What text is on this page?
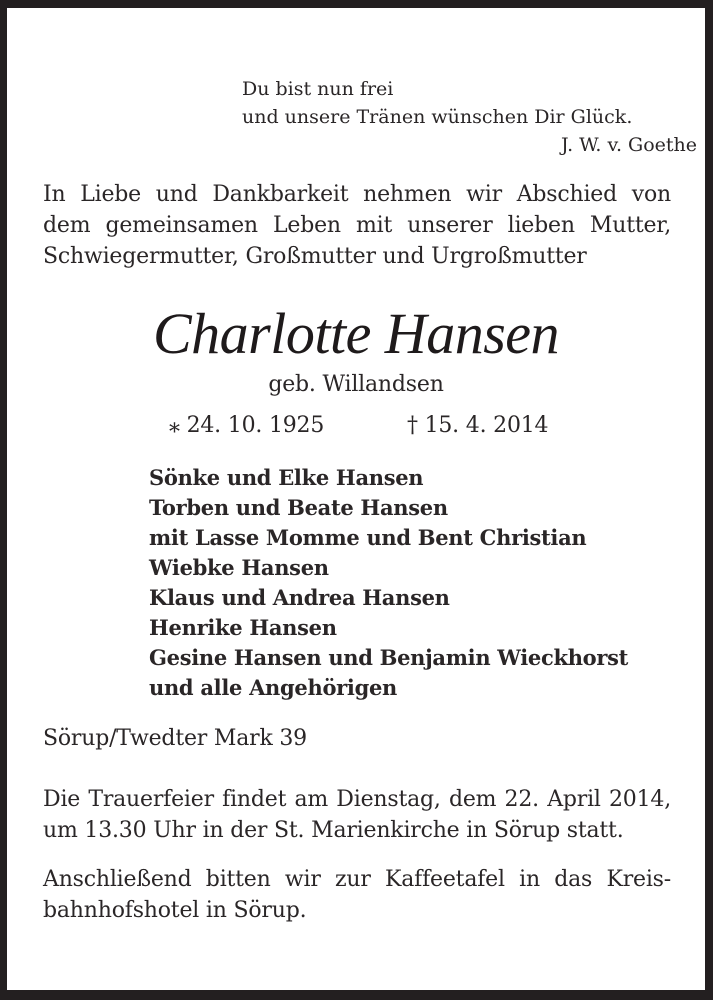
Du bist nun frei
und unsere Tränen wünschen Dir Glück.
J. W. v. Goethe
In Liebe und Dankbarkeit nehmen wir Abschied von
dem gemeinsamen Leben mit unserer lieben Mutter,
Schwiegermutter, Großmutter und Urgroßmutter
Charlotte Hansen
geb. Willandsen
⁎ 24. 10. 1925	† 15. 4. 2014
Sönke und Elke Hansen
Torben und Beate Hansen
mit Lasse Momme und Bent Christian
Wiebke Hansen
Klaus und Andrea Hansen
Henrike Hansen
Gesine Hansen und Benjamin Wieckhorst
und alle Angehörigen
Sörup/Twedter Mark 39
Die Trauerfeier findet am Dienstag, dem 22. April 2014,
um 13.30 Uhr in der St. Marienkirche in Sörup statt.
Anschließend bitten wir zur Kaffeetafel in das Kreis-
bahnhofshotel in Sörup.
